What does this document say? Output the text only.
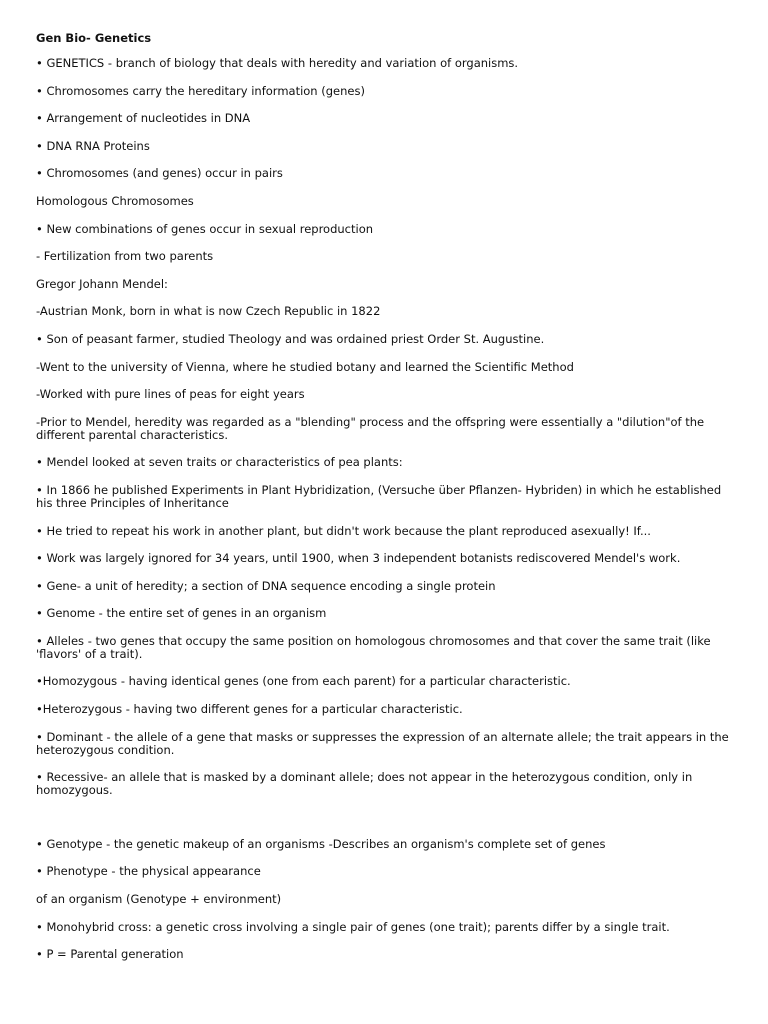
Gen Bio- Genetics
• GENETICS - branch of biology that deals with heredity and variation of organisms.
• Chromosomes carry the hereditary information (genes)
• Arrangement of nucleotides in DNA
• DNA RNA Proteins
• Chromosomes (and genes) occur in pairs
Homologous Chromosomes
• New combinations of genes occur in sexual reproduction
- Fertilization from two parents
Gregor Johann Mendel:
-Austrian Monk, born in what is now Czech Republic in 1822
• Son of peasant farmer, studied Theology and was ordained priest Order St. Augustine.
-Went to the university of Vienna, where he studied botany and learned the Scientific Method
-Worked with pure lines of peas for eight years
-Prior to Mendel, heredity was regarded as a "blending" process and the offspring were essentially a "dilution"of the different parental characteristics.
• Mendel looked at seven traits or characteristics of pea plants:
• In 1866 he published Experiments in Plant Hybridization, (Versuche über Pflanzen- Hybriden) in which he established his three Principles of Inheritance
• He tried to repeat his work in another plant, but didn't work because the plant reproduced asexually! If...
• Work was largely ignored for 34 years, until 1900, when 3 independent botanists rediscovered Mendel's work.
• Gene- a unit of heredity; a section of DNA sequence encoding a single protein
• Genome - the entire set of genes in an organism
• Alleles - two genes that occupy the same position on homologous chromosomes and that cover the same trait (like 'flavors' of a trait).
•Homozygous - having identical genes (one from each parent) for a particular characteristic.
•Heterozygous - having two different genes for a particular characteristic.
• Dominant - the allele of a gene that masks or suppresses the expression of an alternate allele; the trait appears in the heterozygous condition.
• Recessive- an allele that is masked by a dominant allele; does not appear in the heterozygous condition, only in homozygous.
• Genotype - the genetic makeup of an organisms -Describes an organism's complete set of genes
• Phenotype - the physical appearance
of an organism (Genotype + environment)
• Monohybrid cross: a genetic cross involving a single pair of genes (one trait); parents differ by a single trait.
• P = Parental generation
